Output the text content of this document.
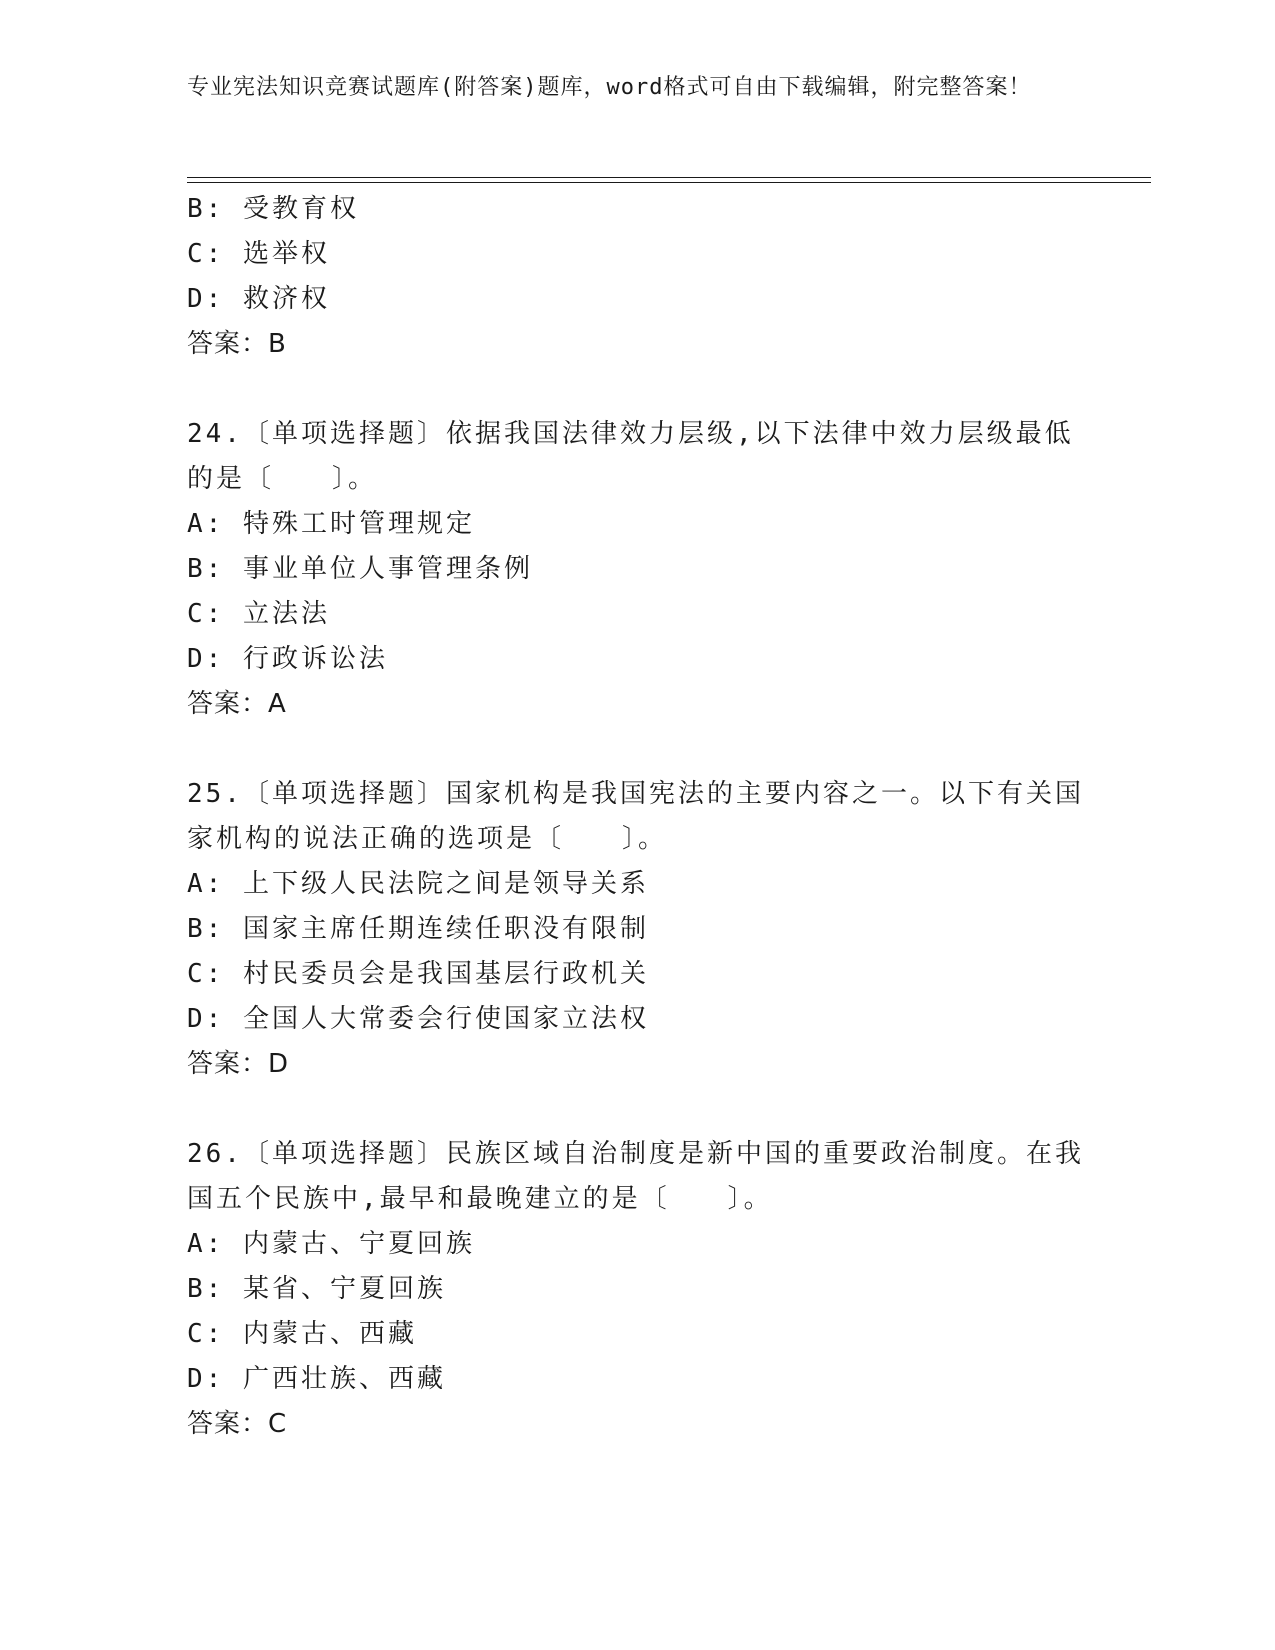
专业宪法知识竞赛试题库(附答案)题库，word格式可自由下载编辑，附完整答案！
B: 受教育权
C: 选举权
D: 救济权
答案：B
24.〔单项选择题〕依据我国法律效力层级,以下法律中效力层级最低
的是〔　　〕。
A: 特殊工时管理规定
B: 事业单位人事管理条例
C: 立法法
D: 行政诉讼法
答案：A
25.〔单项选择题〕国家机构是我国宪法的主要内容之一。以下有关国
家机构的说法正确的选项是〔　　〕。
A: 上下级人民法院之间是领导关系
B: 国家主席任期连续任职没有限制
C: 村民委员会是我国基层行政机关
D: 全国人大常委会行使国家立法权
答案：D
26.〔单项选择题〕民族区域自治制度是新中国的重要政治制度。在我
国五个民族中,最早和最晚建立的是〔　　〕。
A: 内蒙古、宁夏回族
B: 某省、宁夏回族
C: 内蒙古、西藏
D: 广西壮族、西藏
答案：C
